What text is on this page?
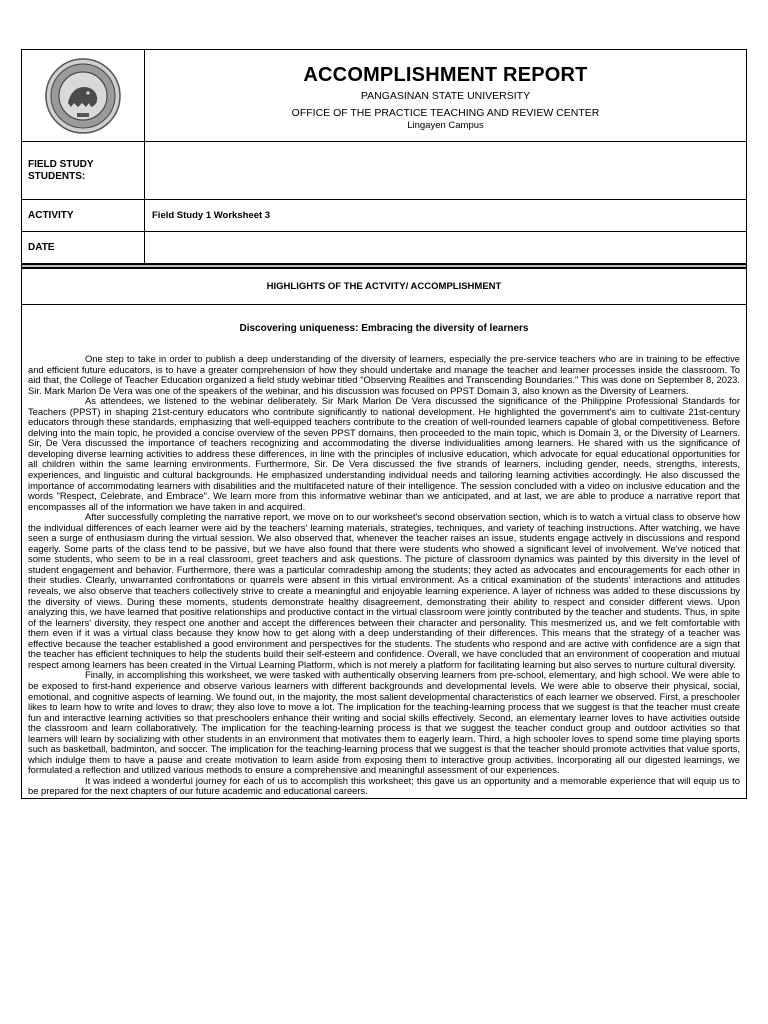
ACCOMPLISHMENT REPORT
PANGASINAN STATE UNIVERSITY
OFFICE OF THE PRACTICE TEACHING AND REVIEW CENTER
Lingayen Campus
FIELD STUDY STUDENTS:
ACTIVITY	Field Study 1 Worksheet 3
DATE
HIGHLIGHTS OF THE ACTVITY/ ACCOMPLISHMENT
Discovering uniqueness: Embracing the diversity of learners

One step to take in order to publish a deep understanding of the diversity of learners, especially the pre-service teachers who are in training to be effective and efficient future educators, is to have a greater comprehension of how they should undertake and manage the teacher and learner processes inside the classroom. To aid that, the College of Teacher Education organized a field study webinar titled "Observing Realities and Transcending Boundaries." This was done on September 8, 2023. Sir. Mark Marlon De Vera was one of the speakers of the webinar, and his discussion was focused on PPST Domain 3, also known as the Diversity of Learners.

As attendees, we listened to the webinar deliberately. Sir Mark Marlon De Vera discussed the significance of the Philippine Professional Standards for Teachers (PPST) in shaping 21st-century educators who contribute significantly to national development. He highlighted the government's aim to cultivate 21st-century educators through these standards, emphasizing that well-equipped teachers contribute to the creation of well-rounded learners capable of global competitiveness. Before delving into the main topic, he provided a concise overview of the seven PPST domains, then proceeded to the main topic, which is Domain 3, or the Diversity of Learners. Sir, De Vera discussed the importance of teachers recognizing and accommodating the diverse individualities among learners. He shared with us the significance of developing diverse learning activities to address these differences, in line with the principles of inclusive education, which advocate for equal educational opportunities for all children within the same learning environments. Furthermore, Sir. De Vera discussed the five strands of learners, including gender, needs, strengths, interests, experiences, and linguistic and cultural backgrounds. He emphasized understanding individual needs and tailoring learning activities accordingly. He also discussed the importance of accommodating learners with disabilities and the multifaceted nature of their intelligence. The session concluded with a video on inclusive education and the words "Respect, Celebrate, and Embrace". We learn more from this informative webinar than we anticipated, and at last, we are able to produce a narrative report that encompasses all of the information we have taken in and acquired.

After successfully completing the narrative report, we move on to our worksheet's second observation section, which is to watch a virtual class to observe how the individual differences of each learner were aid by the teachers' learning materials, strategies, techniques, and variety of teaching instructions. After watching, we have seen a surge of enthusiasm during the virtual session. We also observed that, whenever the teacher raises an issue, students engage actively in discussions and respond eagerly. Some parts of the class tend to be passive, but we have also found that there were students who showed a significant level of involvement. We've noticed that some students, who seem to be in a real classroom, greet teachers and ask questions. The picture of classroom dynamics was painted by this diversity in the level of student engagement and behavior. Furthermore, there was a particular comradeship among the students; they acted as advocates and encouragements for each other in their studies. Clearly, unwarranted confrontations or quarrels were absent in this virtual environment. As a critical examination of the students' interactions and attitudes reveals, we also observe that teachers collectively strive to create a meaningful and enjoyable learning experience. A layer of richness was added to these discussions by the diversity of views. During these moments, students demonstrate healthy disagreement, demonstrating their ability to respect and consider different views. Upon analyzing this, we have learned that positive relationships and productive contact in the virtual classroom were jointly contributed by the teacher and students. Thus, in spite of the learners' diversity, they respect one another and accept the differences between their character and personality. This mesmerized us, and we felt comfortable with them even if it was a virtual class because they know how to get along with a deep understanding of their differences. This means that the strategy of a teacher was effective because the teacher established a good environment and perspectives for the students. The students who respond and are active with confidence are a sign that the teacher has efficient techniques to help the students build their self-esteem and confidence. Overall, we have concluded that an environment of cooperation and mutual respect among learners has been created in the Virtual Learning Platform, which is not merely a platform for facilitating learning but also serves to nurture cultural diversity.

Finally, in accomplishing this worksheet, we were tasked with authentically observing learners from pre-school, elementary, and high school. We were able to be exposed to first-hand experience and observe various learners with different backgrounds and developmental levels. We were able to observe their physical, social, emotional, and cognitive aspects of learning. We found out, in the majority, the most salient developmental characteristics of each learner we observed. First, a preschooler likes to learn how to write and loves to draw; they also love to move a lot. The implication for the teaching-learning process that we suggest is that the teacher must create fun and interactive learning activities so that preschoolers enhance their writing and social skills effectively. Second, an elementary learner loves to have activities outside the classroom and learn collaboratively. The implication for the teaching-learning process is that we suggest the teacher conduct group and outdoor activities so that learners will learn by socializing with other students in an environment that motivates them to eagerly learn. Third, a high schooler loves to spend some time playing sports such as basketball, badminton, and soccer. The implication for the teaching-learning process that we suggest is that the teacher should promote activities that value sports, which indulge them to have a pause and create motivation to learn aside from exposing them to interactive group activities. Incorporating all our digested learnings, we formulated a reflection and utilized various methods to ensure a comprehensive and meaningful assessment of our experiences.

It was indeed a wonderful journey for each of us to accomplish this worksheet; this gave us an opportunity and a memorable experience that will equip us to be prepared for the next chapters of our future academic and educational careers.
